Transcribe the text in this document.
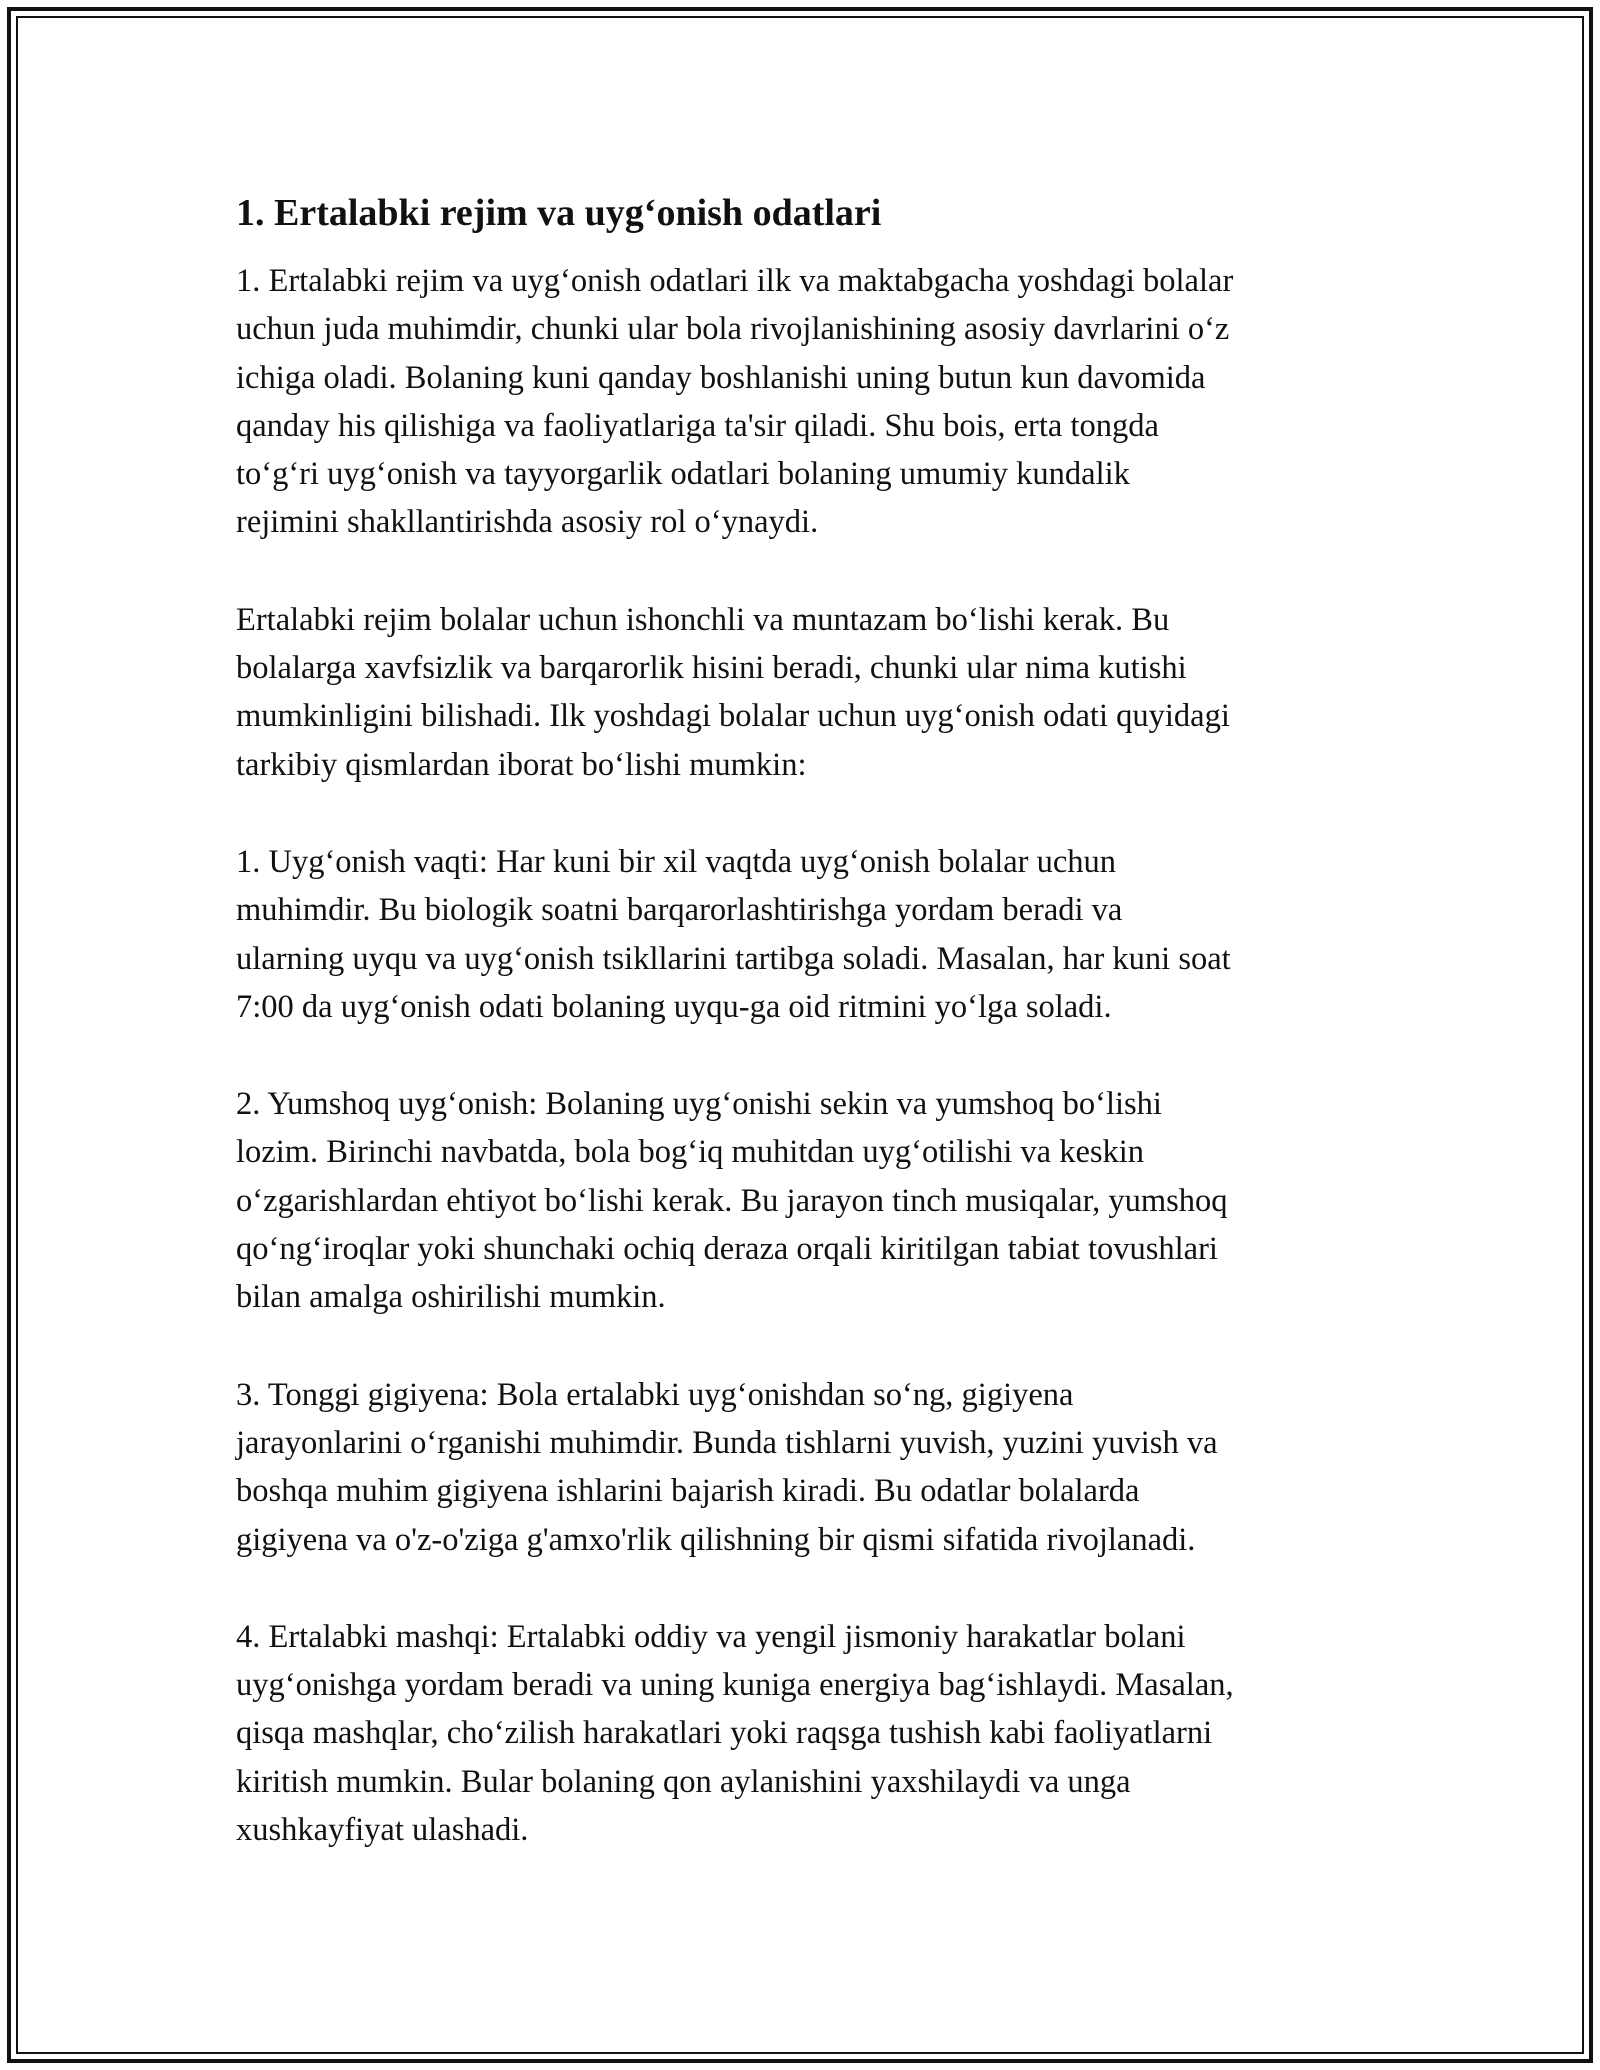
1. Ertalabki rejim va uyg‘onish odatlari

1. Ertalabki rejim va uyg‘onish odatlari ilk va maktabgacha yoshdagi bolalar
uchun juda muhimdir, chunki ular bola rivojlanishining asosiy davrlarini o‘z
ichiga oladi. Bolaning kuni qanday boshlanishi uning butun kun davomida
qanday his qilishiga va faoliyatlariga ta'sir qiladi. Shu bois, erta tongda
to‘g‘ri uyg‘onish va tayyorgarlik odatlari bolaning umumiy kundalik
rejimini shakllantirishda asosiy rol o‘ynaydi.

Ertalabki rejim bolalar uchun ishonchli va muntazam bo‘lishi kerak. Bu
bolalarga xavfsizlik va barqarorlik hisini beradi, chunki ular nima kutishi
mumkinligini bilishadi. Ilk yoshdagi bolalar uchun uyg‘onish odati quyidagi
tarkibiy qismlardan iborat bo‘lishi mumkin:

1. Uyg‘onish vaqti: Har kuni bir xil vaqtda uyg‘onish bolalar uchun
muhimdir. Bu biologik soatni barqarorlashtirishga yordam beradi va
ularning uyqu va uyg‘onish tsikllarini tartibga soladi. Masalan, har kuni soat
7:00 da uyg‘onish odati bolaning uyqu-ga oid ritmini yo‘lga soladi.

2. Yumshoq uyg‘onish: Bolaning uyg‘onishi sekin va yumshoq bo‘lishi
lozim. Birinchi navbatda, bola bog‘iq muhitdan uyg‘otilishi va keskin
o‘zgarishlardan ehtiyot bo‘lishi kerak. Bu jarayon tinch musiqalar, yumshoq
qo‘ng‘iroqlar yoki shunchaki ochiq deraza orqali kiritilgan tabiat tovushlari
bilan amalga oshirilishi mumkin.

3. Tonggi gigiyena: Bola ertalabki uyg‘onishdan so‘ng, gigiyena
jarayonlarini o‘rganishi muhimdir. Bunda tishlarni yuvish, yuzini yuvish va
boshqa muhim gigiyena ishlarini bajarish kiradi. Bu odatlar bolalarda
gigiyena va o'z-o'ziga g'amxo'rlik qilishning bir qismi sifatida rivojlanadi.

4. Ertalabki mashqi: Ertalabki oddiy va yengil jismoniy harakatlar bolani
uyg‘onishga yordam beradi va uning kuniga energiya bag‘ishlaydi. Masalan,
qisqa mashqlar, cho‘zilish harakatlari yoki raqsga tushish kabi faoliyatlarni
kiritish mumkin. Bular bolaning qon aylanishini yaxshilaydi va unga
xushkayfiyat ulashadi.
